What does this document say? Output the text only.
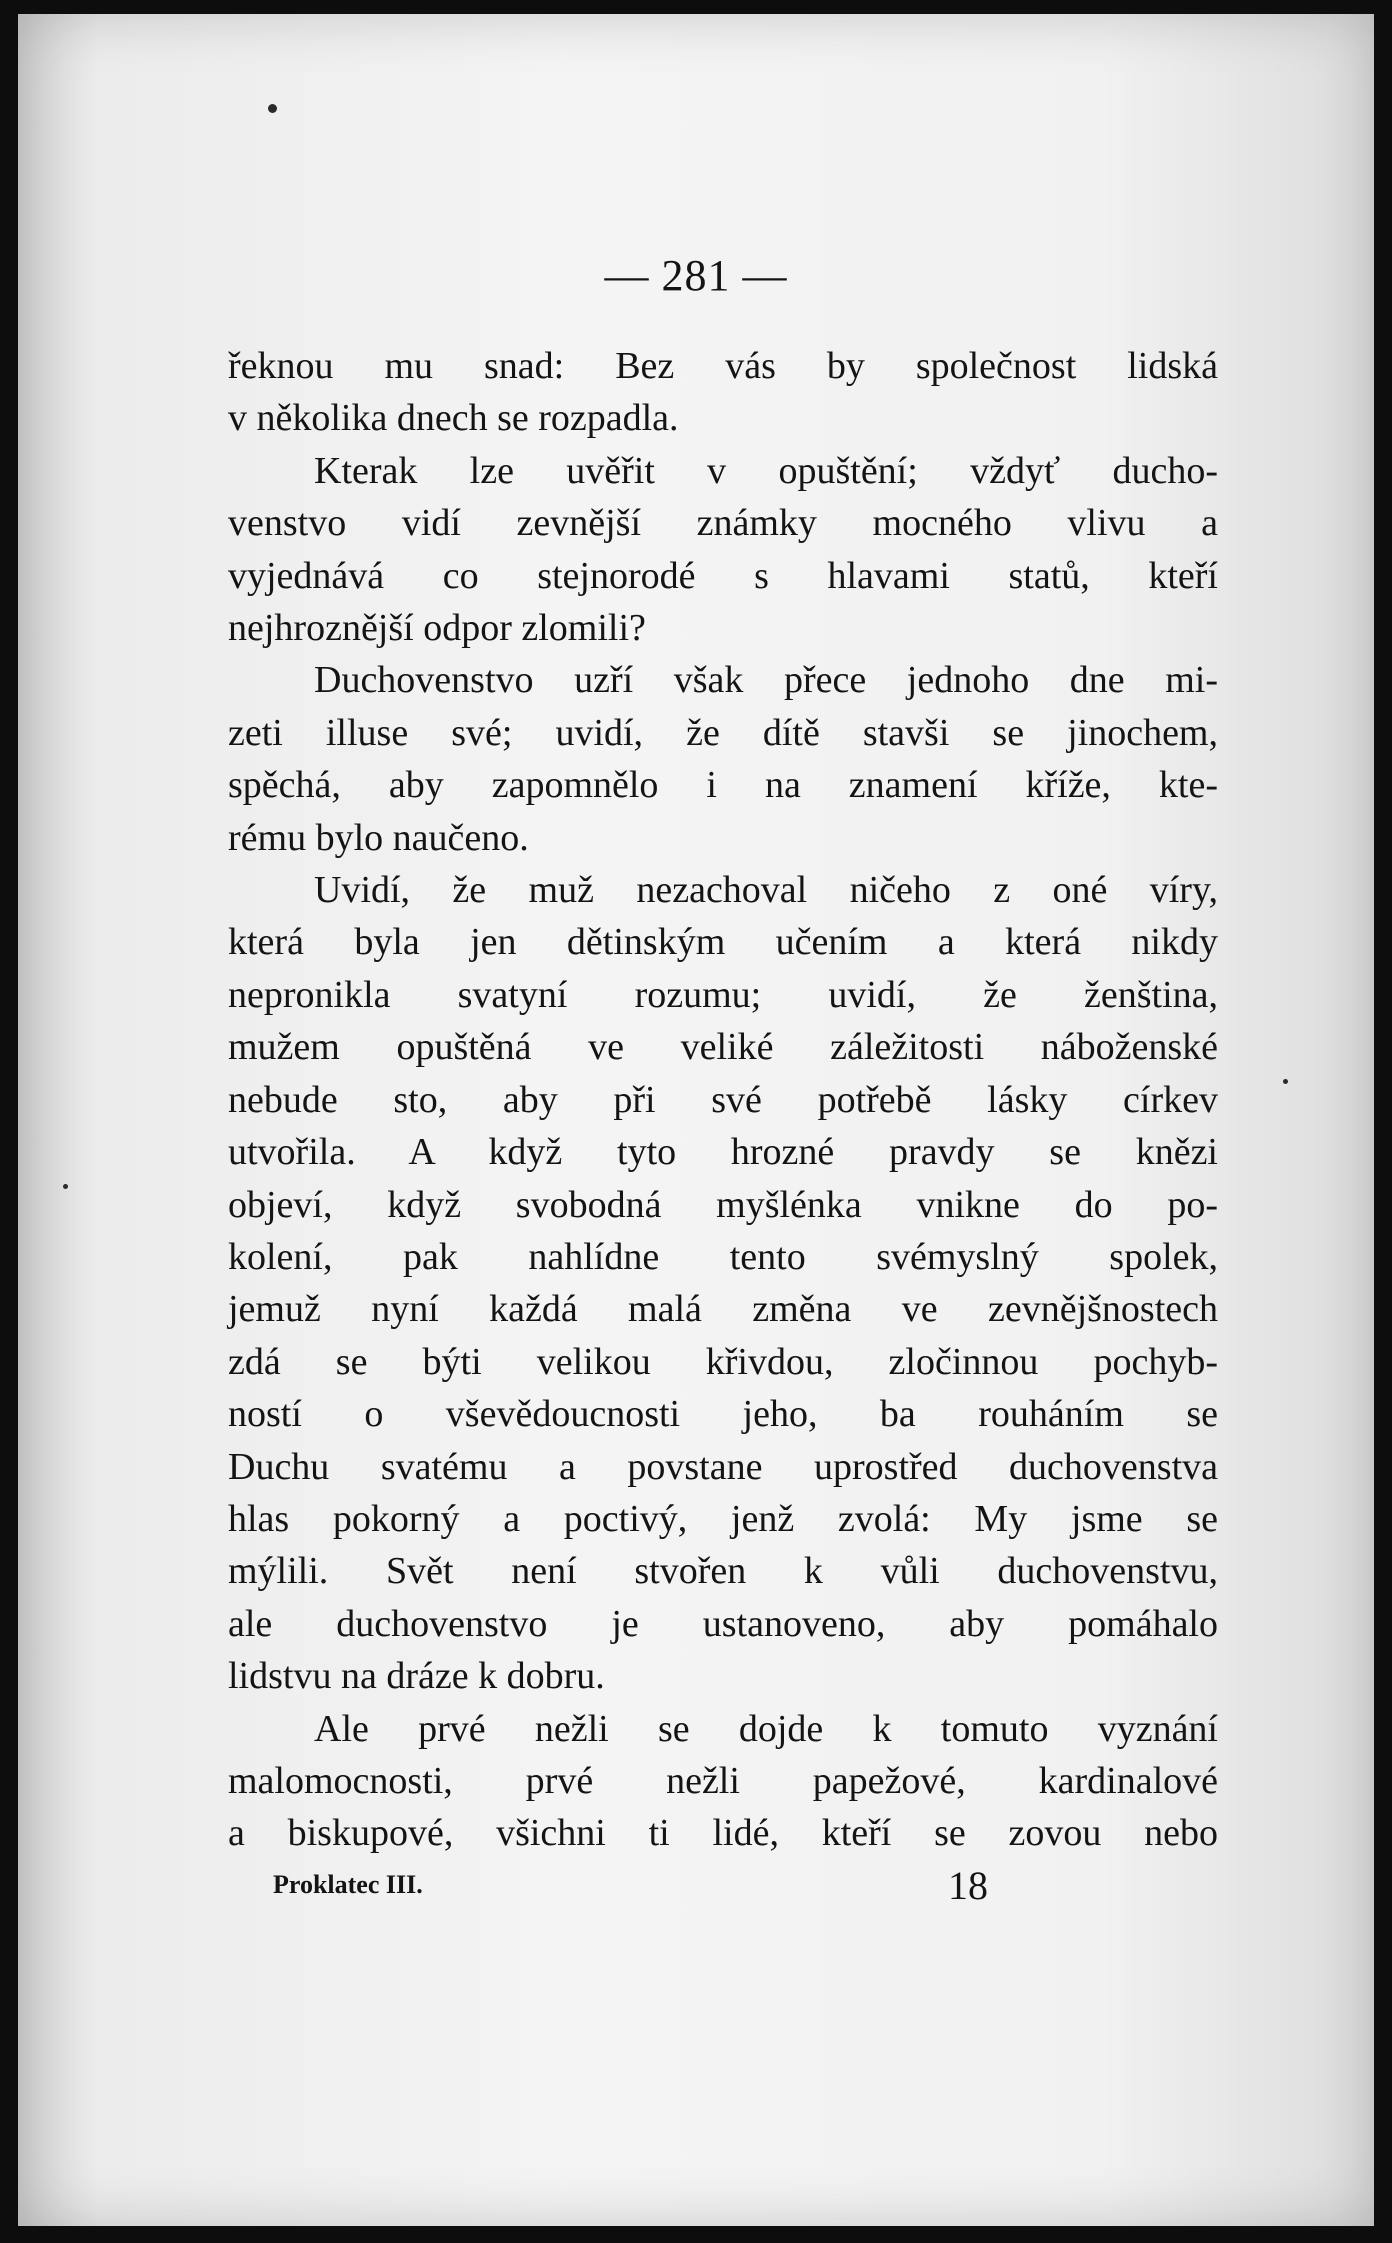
— 281 —
řeknou mu snad: Bez vás by společnost lidská
v několika dnech se rozpadla.
Kterak lze uvěřit v opuštění; vždyť ducho-
venstvo vidí zevnější známky mocného vlivu a
vyjednává co stejnorodé s hlavami statů, kteří
nejhroznější odpor zlomili?
Duchovenstvo uzří však přece jednoho dne mi-
zeti illuse své; uvidí, že dítě stavši se jinochem,
spěchá, aby zapomnělo i na znamení kříže, kte-
rému bylo naučeno.
Uvidí, že muž nezachoval ničeho z oné víry,
která byla jen dětinským učením a která nikdy
nepronikla svatyní rozumu; uvidí, že ženština,
mužem opuštěná ve veliké záležitosti náboženské
nebude sto, aby při své potřebě lásky církev
utvořila. A když tyto hrozné pravdy se knězi
objeví, když svobodná myšlénka vnikne do po-
kolení, pak nahlídne tento svémyslný spolek,
jemuž nyní každá malá změna ve zevnějšnostech
zdá se býti velikou křivdou, zločinnou pochyb-
ností o vševědoucnosti jeho, ba rouháním se
Duchu svatému a povstane uprostřed duchovenstva
hlas pokorný a poctivý, jenž zvolá: My jsme se
mýlili. Svět není stvořen k vůli duchovenstvu,
ale duchovenstvo je ustanoveno, aby pomáhalo
lidstvu na dráze k dobru.
Ale prvé nežli se dojde k tomuto vyznání
malomocnosti, prvé nežli papežové, kardinalové
a biskupové, všichni ti lidé, kteří se zovou nebo
Proklatec III.	18
